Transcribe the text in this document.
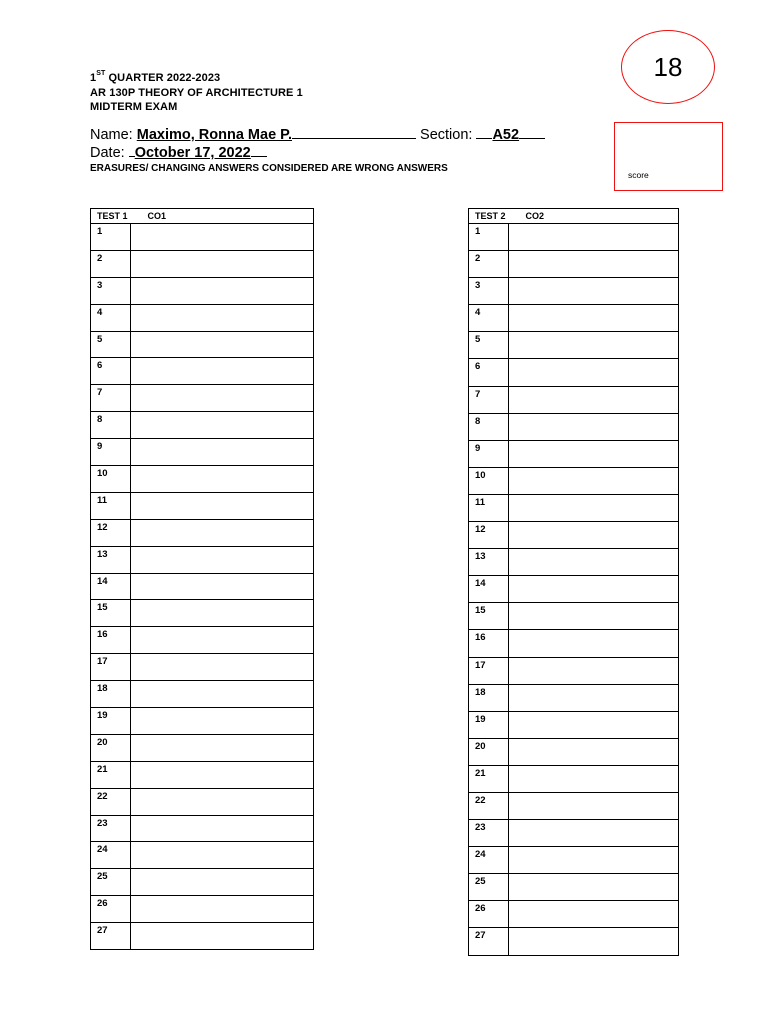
1ST QUARTER 2022-2023
AR 130P THEORY OF ARCHITECTURE 1
MIDTERM EXAM
18
Name: Maximo, Ronna Mae P.	Section: A52
Date: October 17, 2022
ERASURES/ CHANGING ANSWERS CONSIDERED ARE WRONG ANSWERS
score
TEST 1 CO1	
1	
2	
3	
4	
5	
6	
7	
8	
9	
10	
11	
12	
13	
14	
15	
16	
17	
18	
19	
20	
21	
22	
23	
24	
25	
26	
27	
TEST 2 CO2	
1	
2	
3	
4	
5	
6	
7	
8	
9	
10	
11	
12	
13	
14	
15	
16	
17	
18	
19	
20	
21	
22	
23	
24	
25	
26	
27	
